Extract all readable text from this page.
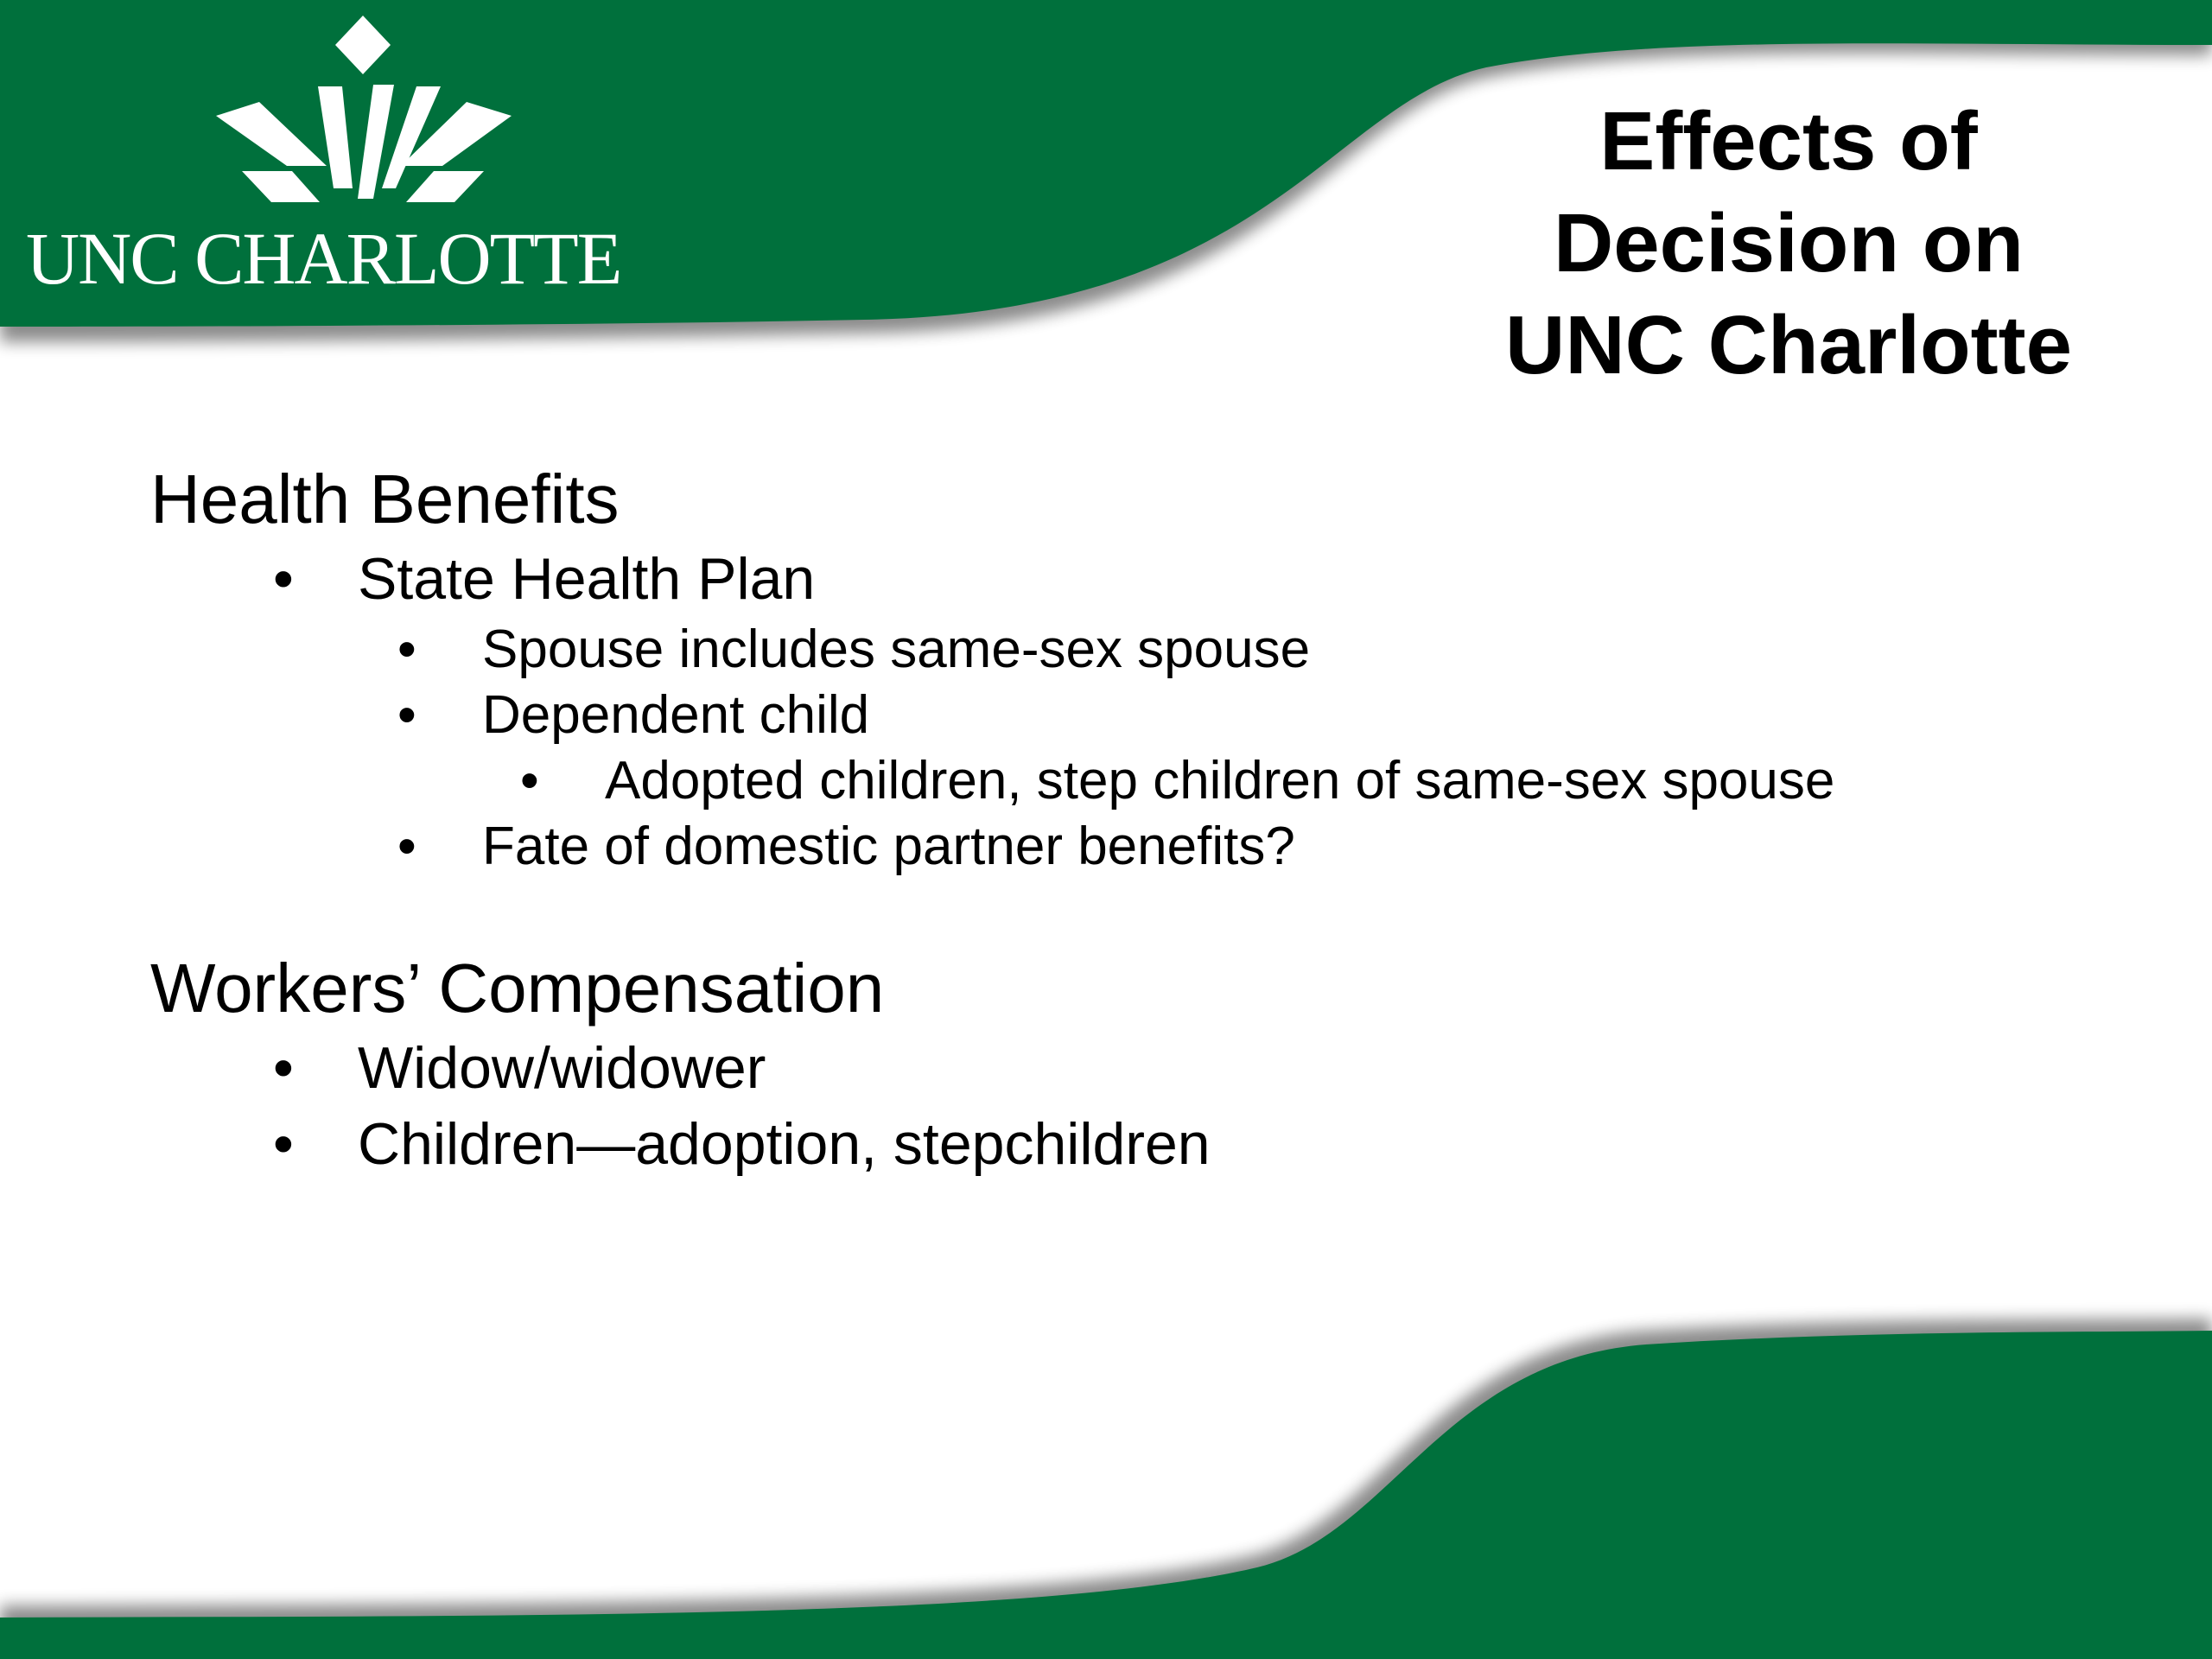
UNC CHARLOTTE
Effects of
Decision on
UNC Charlotte

Health Benefits

• State Health Plan
• Spouse includes same-sex spouse
• Dependent child
• Adopted children, step children of same-sex spouse
• Fate of domestic partner benefits?

Workers’ Compensation

• Widow/widower
• Children—adoption, stepchildren
